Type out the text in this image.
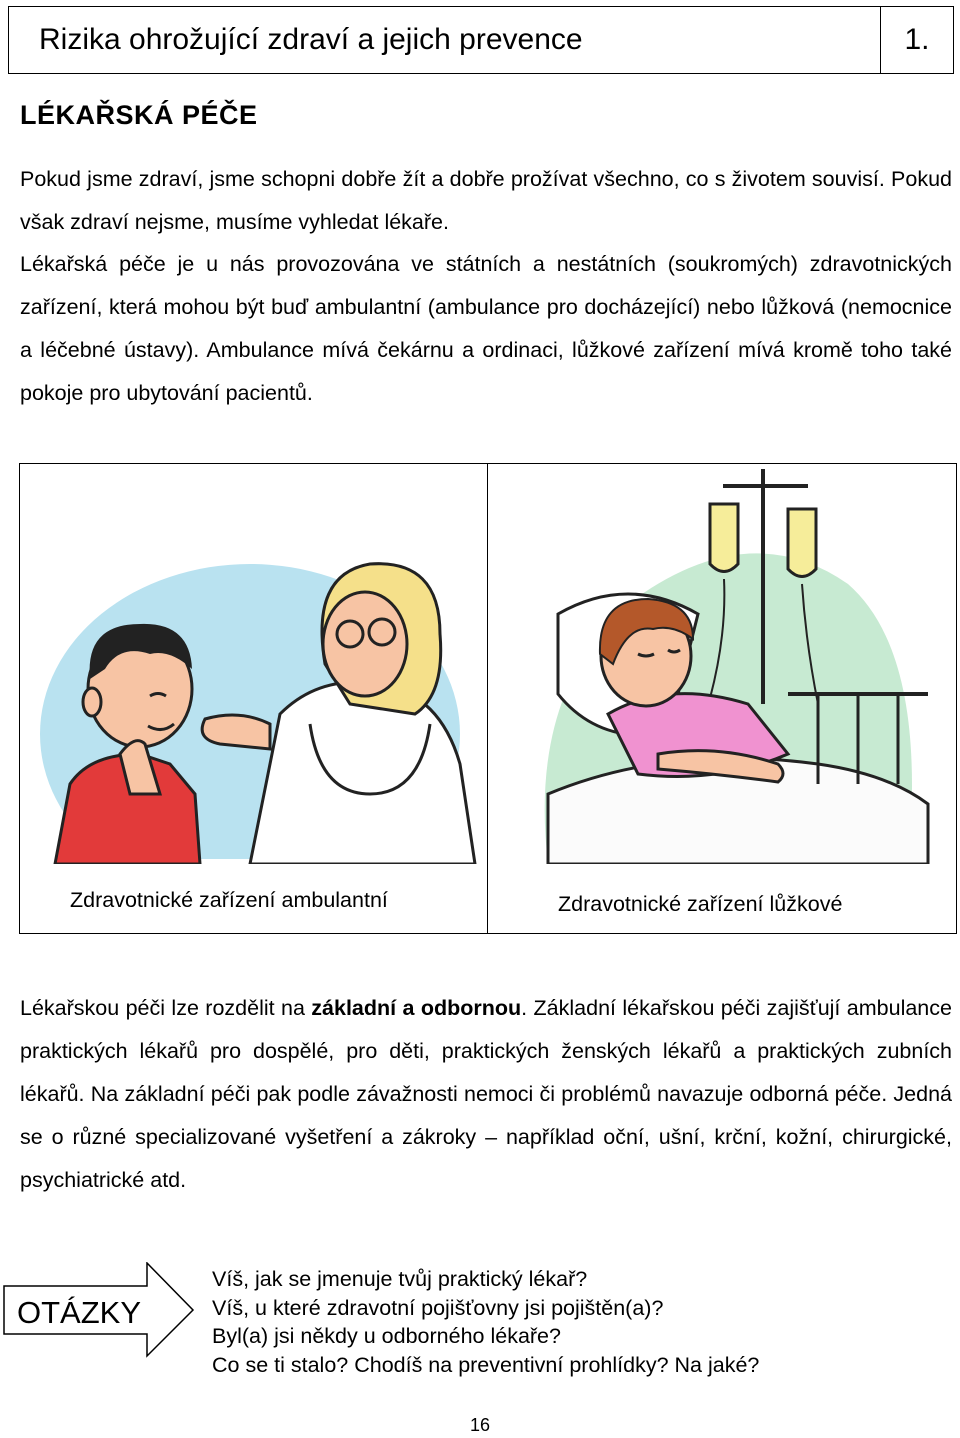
Rizika ohrožující zdraví a jejich prevence	1.
LÉKAŘSKÁ PÉČE
Pokud jsme zdraví, jsme schopni dobře žít a dobře prožívat všechno, co s životem souvisí. Pokud však zdraví nejsme, musíme vyhledat lékaře.
Lékařská péče je u nás provozována ve státních a nestátních (soukromých) zdravotnických zařízení, která mohou být buď ambulantní (ambulance pro docházející) nebo lůžková (nemocnice a léčebné ústavy). Ambulance mívá čekárnu a ordinaci, lůžkové zařízení mívá kromě toho také pokoje pro ubytování pacientů.
Zdravotnické zařízení ambulantní	Zdravotnické zařízení lůžkové
Lékařskou péči lze rozdělit na základní a odbornou. Základní lékařskou péči zajišťují ambulance praktických lékařů pro dospělé, pro děti, praktických ženských lékařů a praktických zubních lékařů. Na základní péči pak podle závažnosti nemoci či problémů navazuje odborná péče. Jedná se o různé specializované vyšetření a zákroky – například oční, ušní, krční, kožní, chirurgické, psychiatrické atd.
OTÁZKY
Víš, jak se jmenuje tvůj praktický lékař?
Víš, u které zdravotní pojišťovny jsi pojištěn(a)?
Byl(a) jsi někdy u odborného lékaře?
Co se ti stalo? Chodíš na preventivní prohlídky? Na jaké?
16
